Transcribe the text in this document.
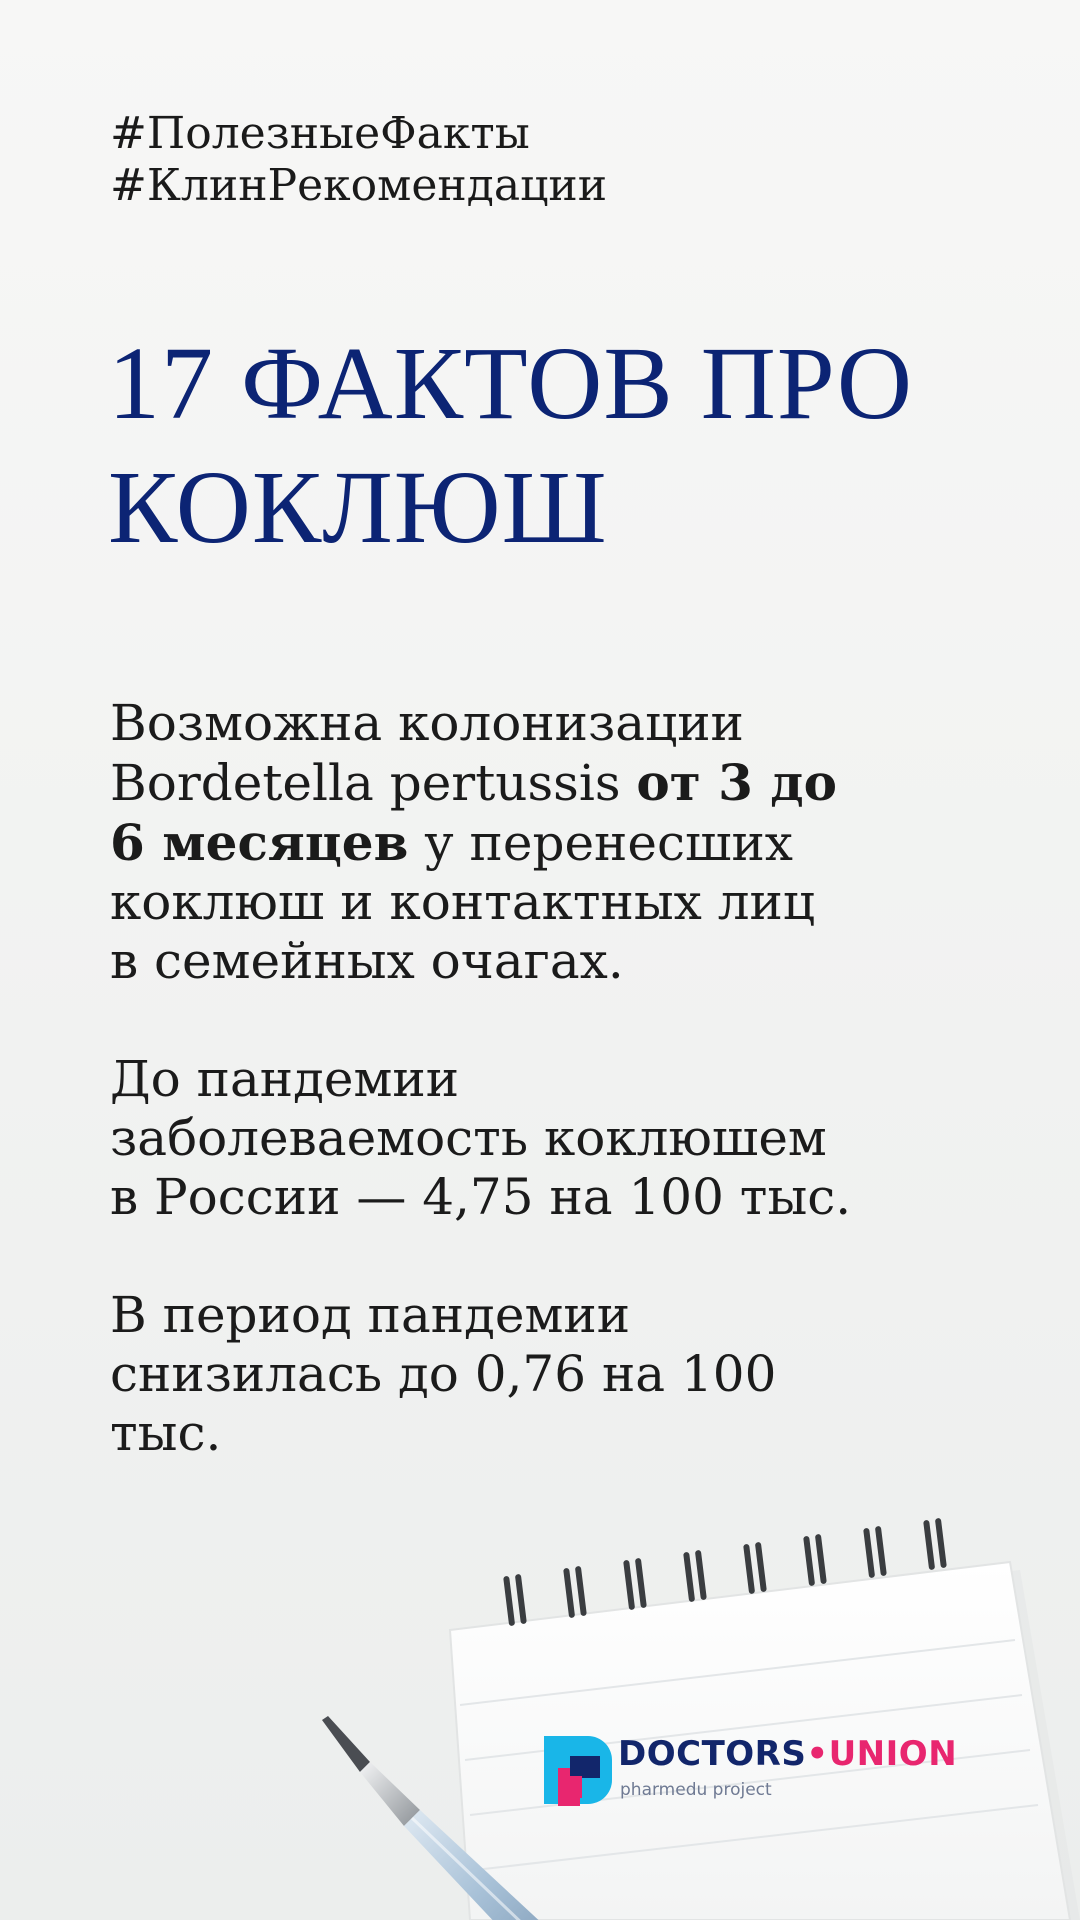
#ПолезныеФакты
#КлинРекомендации
17 ФАКТОВ ПРО
КОКЛЮШ
Возможна колонизации
Bordetella pertussis от 3 до
6 месяцев у перенесших
коклюш и контактных лиц
в семейных очагах.
До пандемии
заболеваемость коклюшем
в России — 4,75 на 100 тыс.
В период пандемии
снизилась до 0,76 на 100
тыс.
DOCTORS•UNION
pharmedu project
